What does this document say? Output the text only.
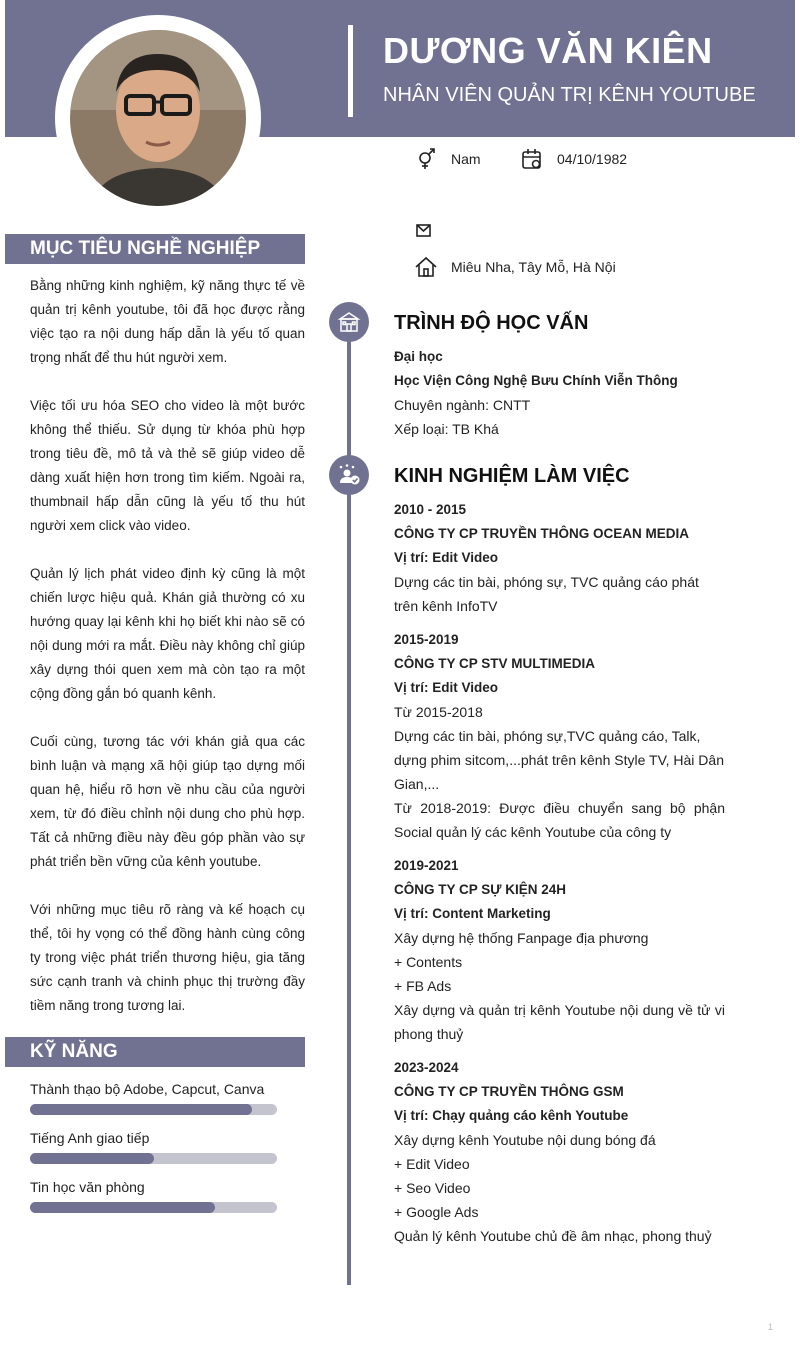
DƯƠNG VĂN KIÊN
NHÂN VIÊN QUẢN TRỊ KÊNH YOUTUBE
Nam	04/10/1982
Miêu Nha, Tây Mỗ, Hà Nội
MỤC TIÊU NGHỀ NGHIỆP
Bằng những kinh nghiệm, kỹ năng thực tế về quản trị kênh youtube, tôi đã học được rằng việc tạo ra nội dung hấp dẫn là yếu tố quan trọng nhất để thu hút người xem.
Việc tối ưu hóa SEO cho video là một bước không thể thiếu. Sử dụng từ khóa phù hợp trong tiêu đề, mô tả và thẻ sẽ giúp video dễ dàng xuất hiện hơn trong tìm kiếm. Ngoài ra, thumbnail hấp dẫn cũng là yếu tố thu hút người xem click vào video.
Quản lý lịch phát video định kỳ cũng là một chiến lược hiệu quả. Khán giả thường có xu hướng quay lại kênh khi họ biết khi nào sẽ có nội dung mới ra mắt. Điều này không chỉ giúp xây dựng thói quen xem mà còn tạo ra một cộng đồng gắn bó quanh kênh.
Cuối cùng, tương tác với khán giả qua các bình luận và mạng xã hội giúp tạo dựng mối quan hệ, hiểu rõ hơn về nhu cầu của người xem, từ đó điều chỉnh nội dung cho phù hợp. Tất cả những điều này đều góp phần vào sự phát triển bền vững của kênh youtube.
Với những mục tiêu rõ ràng và kế hoạch cụ thể, tôi hy vọng có thể đồng hành cùng công ty trong việc phát triển thương hiệu, gia tăng sức cạnh tranh và chinh phục thị trường đầy tiềm năng trong tương lai.
KỸ NĂNG
Thành thạo bộ Adobe, Capcut, Canva
Tiếng Anh giao tiếp
Tin học văn phòng
TRÌNH ĐỘ HỌC VẤN
Đại học
Học Viện Công Nghệ Bưu Chính Viễn Thông
Chuyên ngành: CNTT
Xếp loại: TB Khá
KINH NGHIỆM LÀM VIỆC
2010 - 2015
CÔNG TY CP TRUYỀN THÔNG OCEAN MEDIA
Vị trí: Edit Video
Dựng các tin bài, phóng sự, TVC quảng cáo phát trên kênh InfoTV
2015-2019
CÔNG TY CP STV MULTIMEDIA
Vị trí: Edit Video
Từ 2015-2018
Dựng các tin bài, phóng sự,TVC quảng cáo, Talk, dựng phim sitcom,...phát trên kênh Style TV, Hài Dân Gian,...
Từ 2018-2019: Được điều chuyển sang bộ phận Social quản lý các kênh Youtube của công ty
2019-2021
CÔNG TY CP SỰ KIỆN 24H
Vị trí: Content Marketing
Xây dựng hệ thống Fanpage địa phương
+ Contents
+ FB Ads
Xây dựng và quản trị kênh Youtube nội dung về tử vi phong thuỷ
2023-2024
CÔNG TY CP TRUYỀN THÔNG GSM
Vị trí: Chạy quảng cáo kênh Youtube
Xây dựng kênh Youtube nội dung bóng đá
+ Edit Video
+ Seo Video
+ Google Ads
Quản lý kênh Youtube chủ đề âm nhạc, phong thuỷ
1
